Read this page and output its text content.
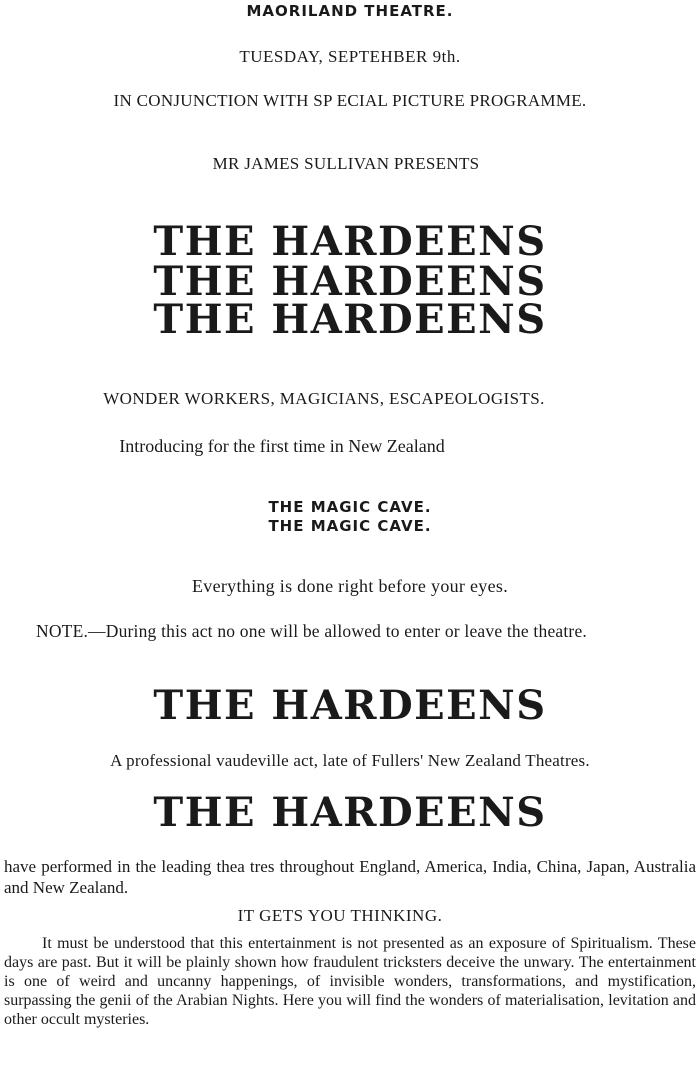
MAORILAND THEATRE.
TUESDAY, SEPTEHBER 9th.
IN CONJUNCTION WITH SP ECIAL PICTURE PROGRAMME.
MR JAMES SULLIVAN PRESENTS
THE HARDEENS
THE HARDEENS
THE HARDEENS
WONDER WORKERS, MAGICIANS, ESCAPEOLOGISTS.
Introducing for the first time in New Zealand
THE MAGIC CAVE.
THE MAGIC CAVE.
Everything is done right before your eyes.
NOTE.—During this act no one will be allowed to enter or leave the theatre.
THE HARDEENS
A professional vaudeville act, late of Fullers' New Zealand Theatres.
THE HARDEENS
have performed in the leading thea tres throughout England, America, India, China, Japan, Australia and New Zealand.
IT GETS YOU THINKING.
It must be understood that this entertainment is not presented as an exposure of Spiritualism. These days are past. But it will be plainly shown how fraudulent tricksters deceive the unwary. The entertainment is one of weird and uncanny happenings, of invisible wonders, transformations, and mystification, surpassing the genii of the Arabian Nights. Here you will find the wonders of materialisation, levitation and other occult mysteries.
